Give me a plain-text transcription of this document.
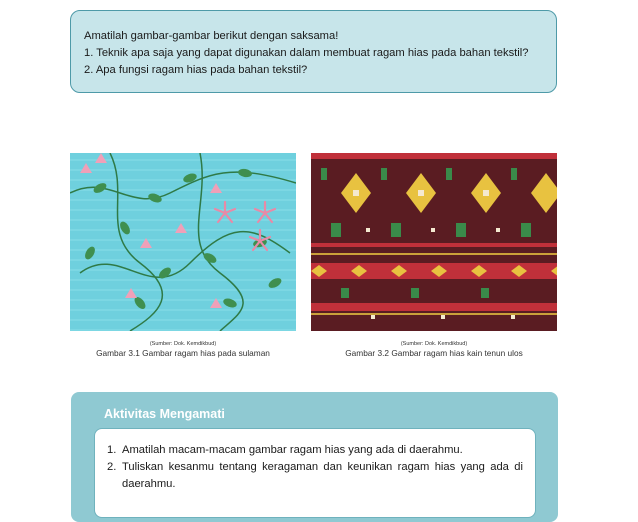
Amatilah gambar-gambar berikut dengan saksama!
1. Teknik apa saja yang dapat digunakan dalam membuat ragam hias pada bahan tekstil?
2. Apa fungsi ragam hias pada bahan tekstil?
(Sumber: Dok. Kemdikbud)
Gambar 3.1 Gambar ragam hias pada sulaman
(Sumber: Dok. Kemdikbud)
Gambar 3.2 Gambar ragam hias kain tenun ulos
Aktivitas Mengamati
1. Amatilah macam-macam gambar ragam hias yang ada di daerahmu.
2. Tuliskan kesanmu tentang keragaman dan keunikan ragam hias yang ada di daerahmu.
